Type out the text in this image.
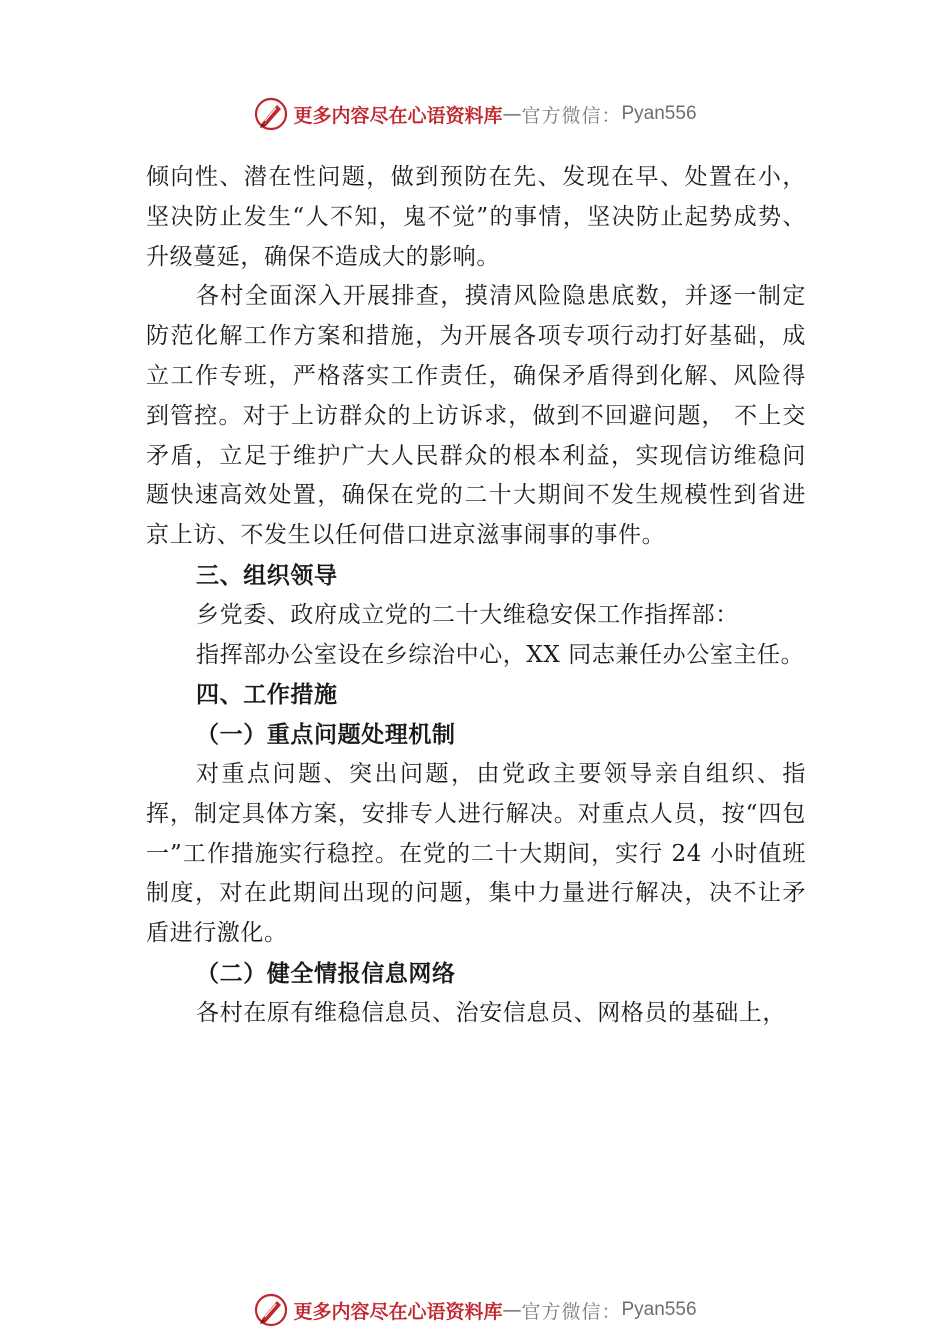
更多内容尽在心语资料库 — 官方微信： Pyan556

倾向性、潜在性问题，做到预防在先、发现在早、处置在小，坚决防止发生“人不知，鬼不觉”的事情，坚决防止起势成势、 升级蔓延，确保不造成大的影响。

各村全面深入开展排查，摸清风险隐患底数，并逐一制定防范化解工作方案和措施，为开展各项专项行动打好基础，成立工作专班，严格落实工作责任，确保矛盾得到化解、风险得到管控。对于上访群众的上访诉求，做到不回避问题， 不上交矛盾，立足于维护广大人民群众的根本利益，实现信访维稳问题快速高效处置，确保在党的二十大期间不发生规模性到省进京上访、不发生以任何借口进京滋事闹事的事件。

三、组织领导

乡党委、政府成立党的二十大维稳安保工作指挥部：

指挥部办公室设在乡综治中心，XX 同志兼任办公室主任。

四、工作措施

（一）重点问题处理机制

对重点问题、突出问题，由党政主要领导亲自组织、指挥，制定具体方案，安排专人进行解决。对重点人员，按“四包一”工作措施实行稳控。在党的二十大期间，实行 24 小时值班制度，对在此期间出现的问题，集中力量进行解决，决不让矛盾进行激化。

（二）健全情报信息网络

各村在原有维稳信息员、治安信息员、网格员的基础上，

更多内容尽在心语资料库 — 官方微信： Pyan556
